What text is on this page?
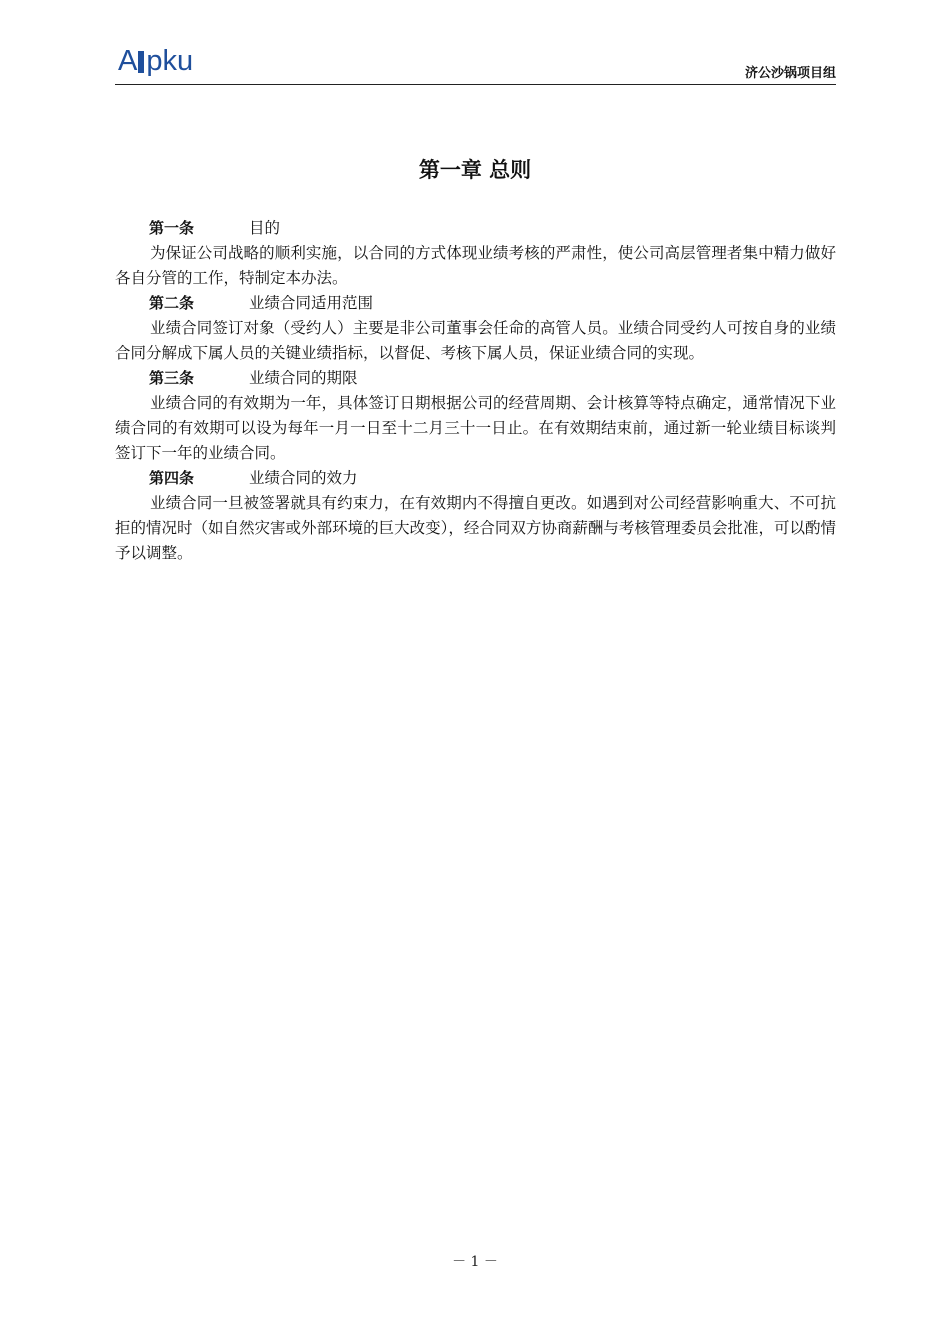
A pku	济公沙锅项目组
第一章 总则
第一条	目的

为保证公司战略的顺利实施，以合同的方式体现业绩考核的严肃性，使公司高层管理者集中精力做好各自分管的工作，特制定本办法。

第二条	业绩合同适用范围

业绩合同签订对象（受约人）主要是非公司董事会任命的高管人员。业绩合同受约人可按自身的业绩合同分解成下属人员的关键业绩指标，以督促、考核下属人员，保证业绩合同的实现。

第三条	业绩合同的期限

业绩合同的有效期为一年，具体签订日期根据公司的经营周期、会计核算等特点确定，通常情况下业绩合同的有效期可以设为每年一月一日至十二月三十一日止。在有效期结束前，通过新一轮业绩目标谈判签订下一年的业绩合同。

第四条	业绩合同的效力

业绩合同一旦被签署就具有约束力，在有效期内不得擅自更改。如遇到对公司经营影响重大、不可抗拒的情况时（如自然灾害或外部环境的巨大改变），经合同双方协商薪酬与考核管理委员会批准，可以酌情予以调整。

－ 1 －
